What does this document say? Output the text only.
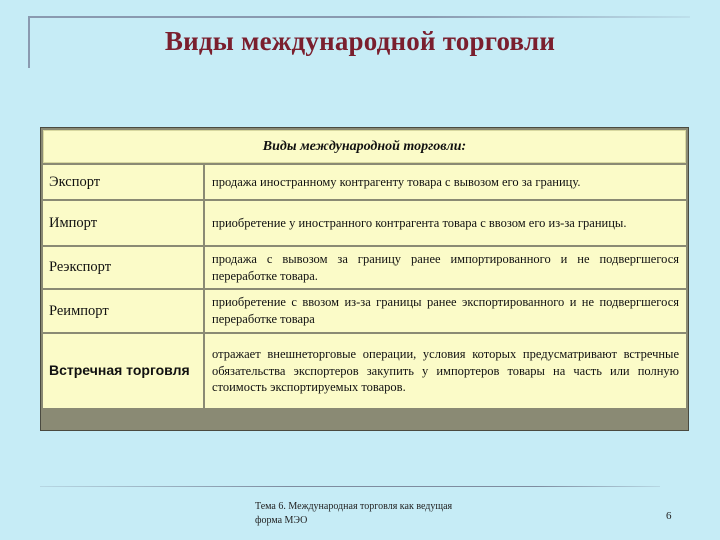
Виды международной торговли
Виды международной торговли:	
Экспорт	продажа иностранному контрагенту товара с вывозом его за границу.
Импорт	приобретение у иностранного контрагента товара с ввозом его из-за границы.
Реэкспорт	продажа с вывозом за границу ранее импортированного и не подвергшегося переработке товара.
Реимпорт	приобретение с ввозом из-за границы ранее экспортированного и не подвергшегося переработке товара
Встречная торговля	отражает внешнеторговые операции, условия которых предусматривают встречные обязательства экспортеров закупить у импортеров товары на часть или полную стоимость экспортируемых товаров.
Тема 6. Международная торговля как ведущая форма МЭО	6
